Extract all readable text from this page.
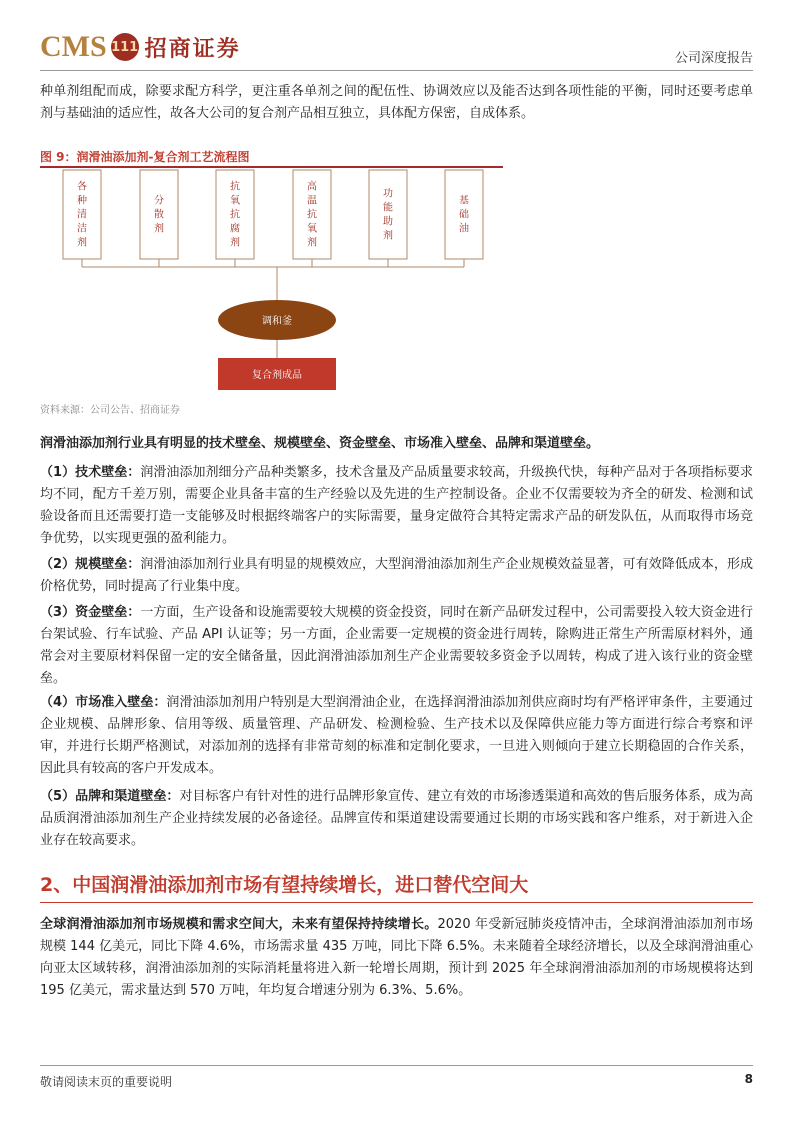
CMS 111 招商证券	公司深度报告
种单剂组配而成，除要求配方科学，更注重各单剂之间的配伍性、协调效应以及能否达到各项性能的平衡，同时还要考虑单剂与基础油的适应性，故各大公司的复合剂产品相互独立，具体配方保密，自成体系。
图 9：润滑油添加剂-复合剂工艺流程图
各种清洁剂
分散剂
抗氧抗腐剂
高温抗氧剂
功能助剂
基础油
调和釜
复合剂成品
资料来源：公司公告、招商证券
润滑油添加剂行业具有明显的技术壁垒、规模壁垒、资金壁垒、市场准入壁垒、品牌和渠道壁垒。
（1）技术壁垒：润滑油添加剂细分产品种类繁多，技术含量及产品质量要求较高，升级换代快，每种产品对于各项指标要求均不同，配方千差万别，需要企业具备丰富的生产经验以及先进的生产控制设备。企业不仅需要较为齐全的研发、检测和试验设备而且还需要打造一支能够及时根据终端客户的实际需要，量身定做符合其特定需求产品的研发队伍，从而取得市场竞争优势，以实现更强的盈利能力。
（2）规模壁垒：润滑油添加剂行业具有明显的规模效应，大型润滑油添加剂生产企业规模效益显著，可有效降低成本，形成价格优势，同时提高了行业集中度。
（3）资金壁垒：一方面，生产设备和设施需要较大规模的资金投资，同时在新产品研发过程中，公司需要投入较大资金进行台架试验、行车试验、产品 API 认证等；另一方面，企业需要一定规模的资金进行周转，除购进正常生产所需原材料外，通常会对主要原材料保留一定的安全储备量，因此润滑油添加剂生产企业需要较多资金予以周转，构成了进入该行业的资金壁垒。
（4）市场准入壁垒：润滑油添加剂用户特别是大型润滑油企业，在选择润滑油添加剂供应商时均有严格评审条件，主要通过企业规模、品牌形象、信用等级、质量管理、产品研发、检测检验、生产技术以及保障供应能力等方面进行综合考察和评审，并进行长期严格测试，对添加剂的选择有非常苛刻的标准和定制化要求，一旦进入则倾向于建立长期稳固的合作关系，因此具有较高的客户开发成本。
（5）品牌和渠道壁垒：对目标客户有针对性的进行品牌形象宣传、建立有效的市场渗透渠道和高效的售后服务体系，成为高品质润滑油添加剂生产企业持续发展的必备途径。品牌宣传和渠道建设需要通过长期的市场实践和客户维系，对于新进入企业存在较高要求。
2、中国润滑油添加剂市场有望持续增长，进口替代空间大
全球润滑油添加剂市场规模和需求空间大，未来有望保持持续增长。2020 年受新冠肺炎疫情冲击，全球润滑油添加剂市场规模 144 亿美元，同比下降 4.6%，市场需求量 435 万吨，同比下降 6.5%。未来随着全球经济增长，以及全球润滑油重心向亚太区域转移，润滑油添加剂的实际消耗量将进入新一轮增长周期，预计到 2025 年全球润滑油添加剂的市场规模将达到 195 亿美元，需求量达到 570 万吨，年均复合增速分别为 6.3%、5.6%。
敬请阅读末页的重要说明	8
